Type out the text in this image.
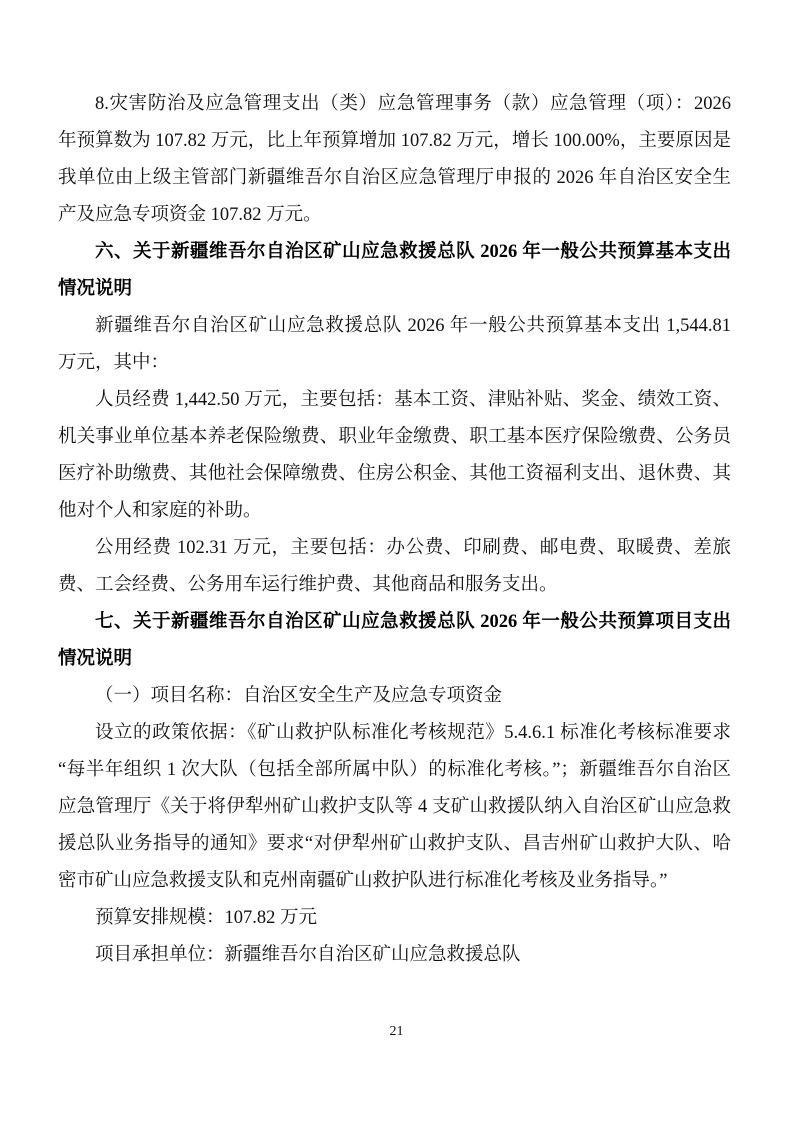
8.灾害防治及应急管理支出（类）应急管理事务（款）应急管理（项）：2026 年预算数为 107.82 万元，比上年预算增加 107.82 万元，增长 100.00%，主要原因是我单位由上级主管部门新疆维吾尔自治区应急管理厅申报的 2026 年自治区安全生产及应急专项资金 107.82 万元。

六、关于新疆维吾尔自治区矿山应急救援总队 2026 年一般公共预算基本支出情况说明

新疆维吾尔自治区矿山应急救援总队 2026 年一般公共预算基本支出 1,544.81 万元，其中：

人员经费 1,442.50 万元，主要包括：基本工资、津贴补贴、奖金、绩效工资、机关事业单位基本养老保险缴费、职业年金缴费、职工基本医疗保险缴费、公务员医疗补助缴费、其他社会保障缴费、住房公积金、其他工资福利支出、退休费、其他对个人和家庭的补助。

公用经费 102.31 万元，主要包括：办公费、印刷费、邮电费、取暖费、差旅费、工会经费、公务用车运行维护费、其他商品和服务支出。

七、关于新疆维吾尔自治区矿山应急救援总队 2026 年一般公共预算项目支出情况说明

（一）项目名称：自治区安全生产及应急专项资金

设立的政策依据：《矿山救护队标准化考核规范》5.4.6.1 标准化考核标准要求“每半年组织 1 次大队（包括全部所属中队）的标准化考核。”；新疆维吾尔自治区应急管理厅《关于将伊犁州矿山救护支队等 4 支矿山救援队纳入自治区矿山应急救援总队业务指导的通知》要求“对伊犁州矿山救护支队、昌吉州矿山救护大队、哈密市矿山应急救援支队和克州南疆矿山救护队进行标准化考核及业务指导。”

预算安排规模：107.82 万元

项目承担单位：新疆维吾尔自治区矿山应急救援总队

21
